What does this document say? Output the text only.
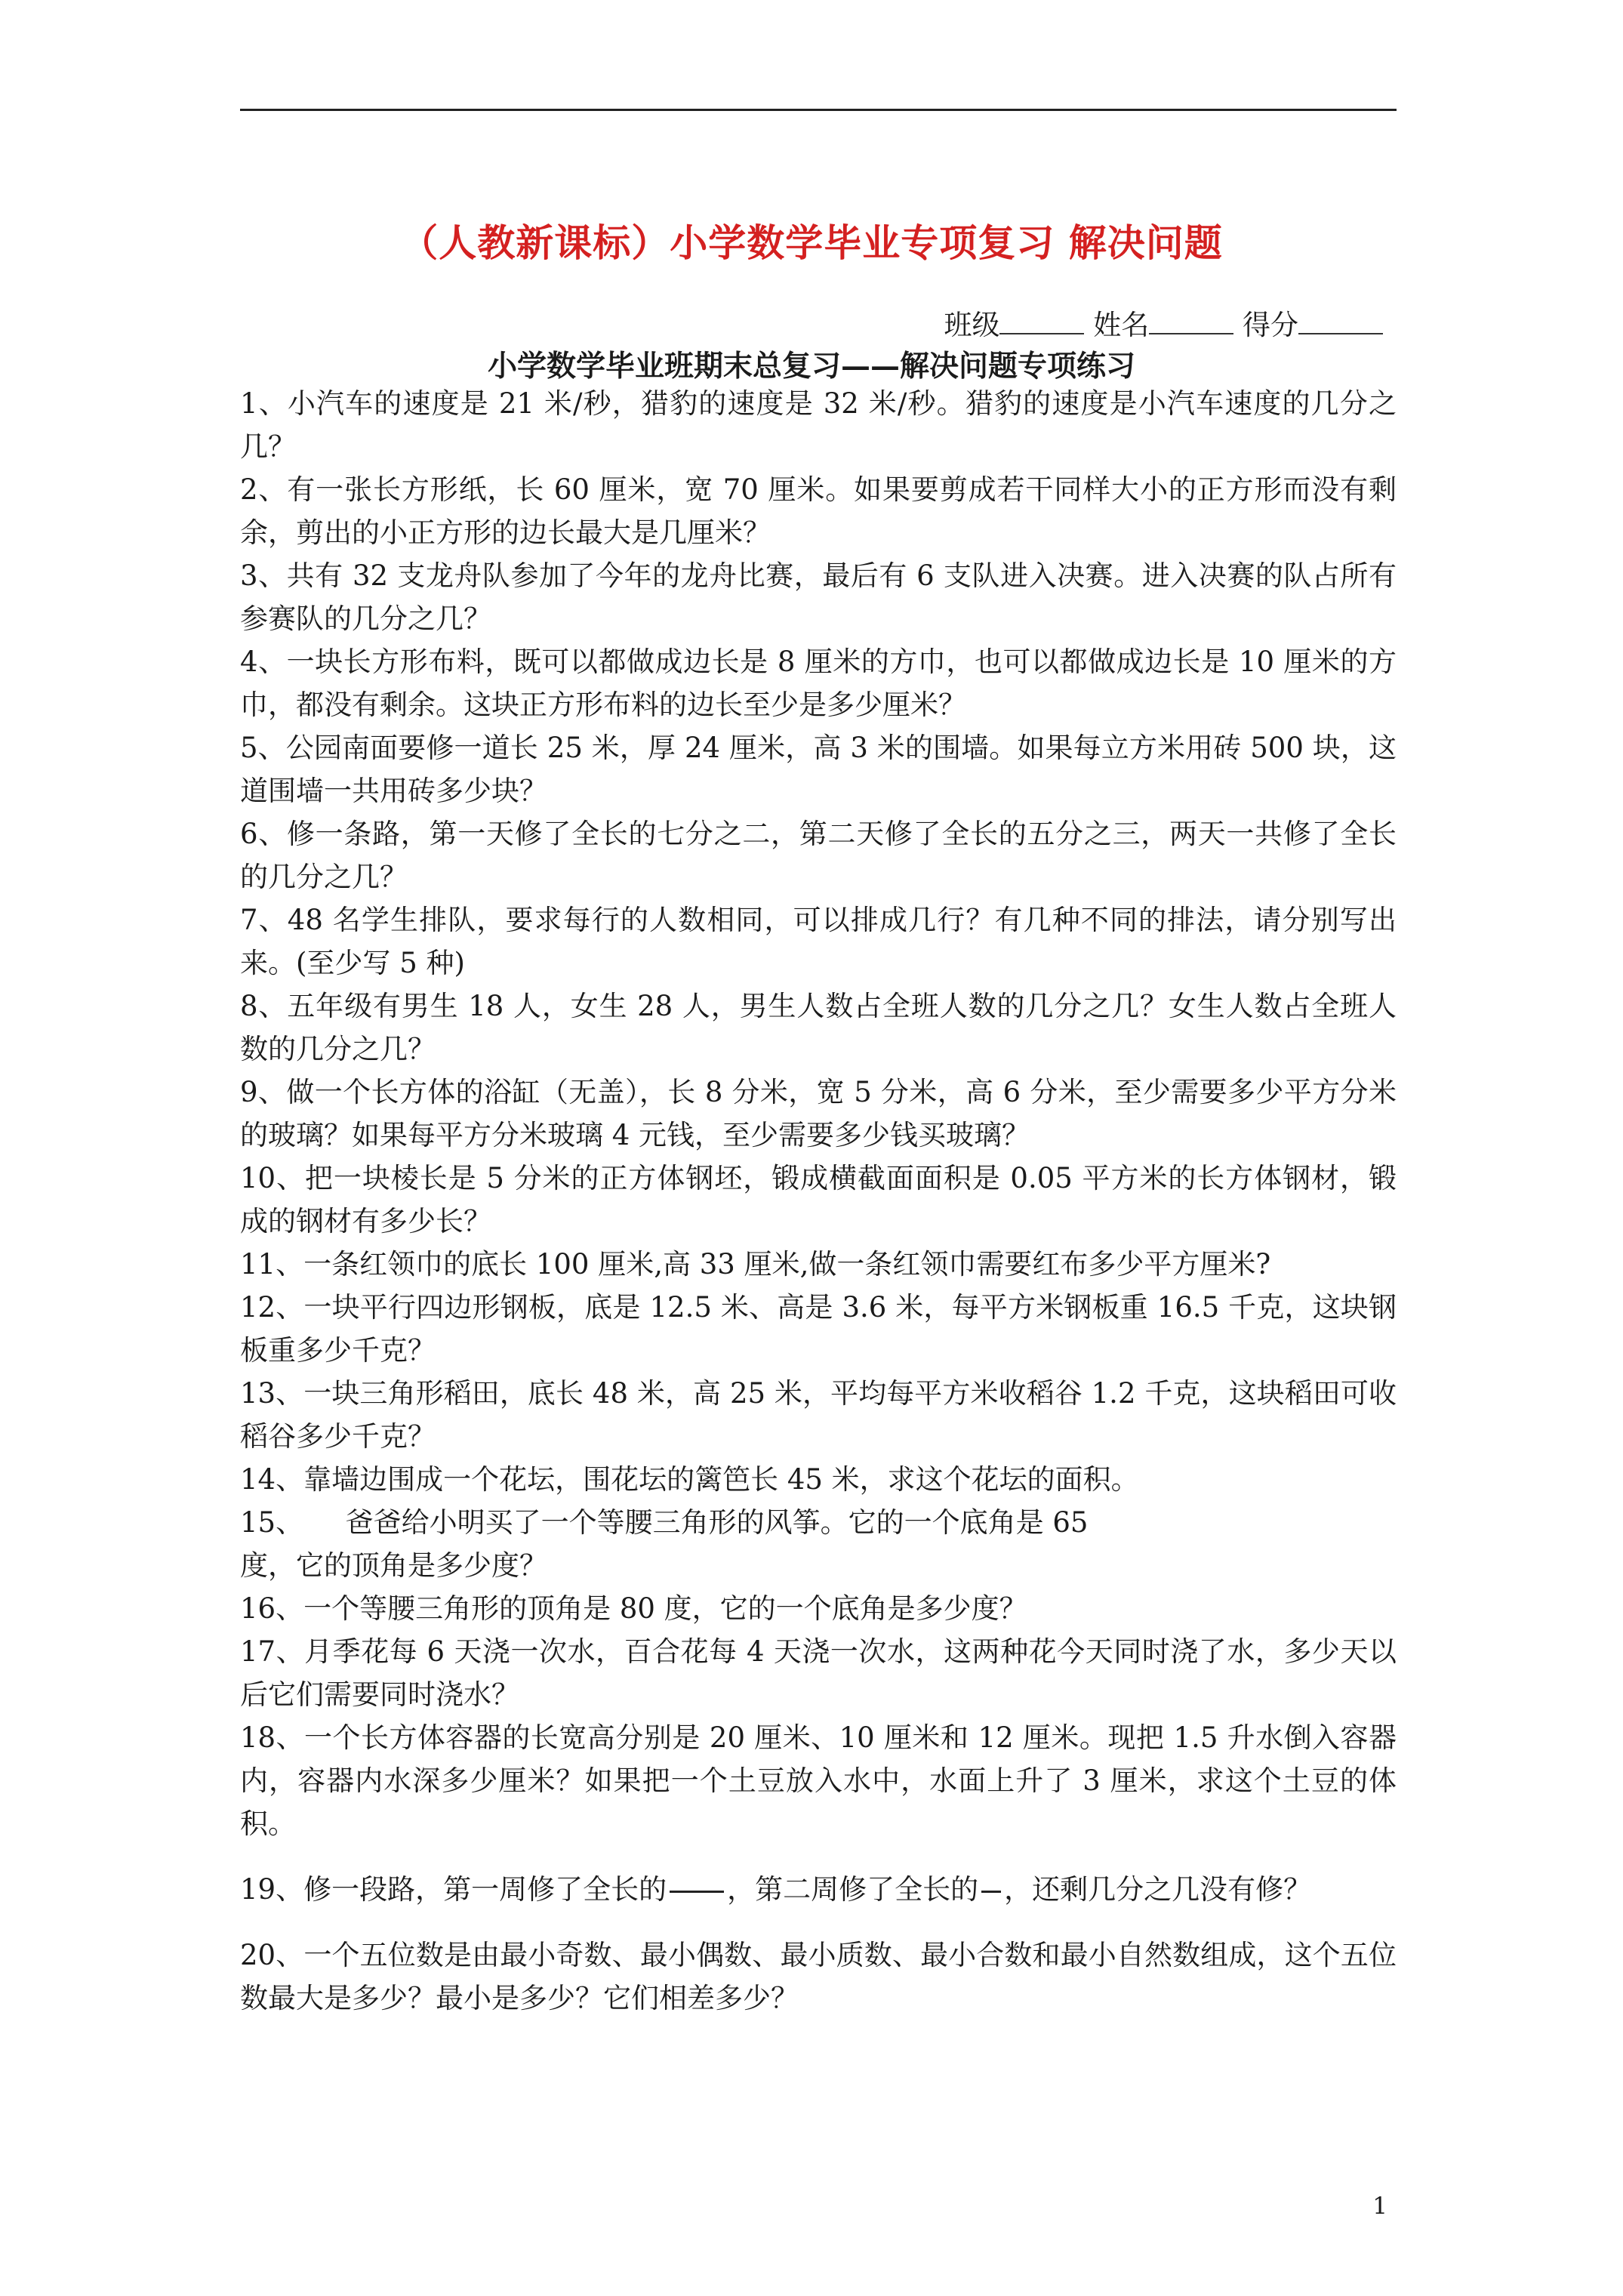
（人教新课标）小学数学毕业专项复习 解决问题
班级	姓名	得分
小学数学毕业班期末总复习——解决问题专项练习
1、小汽车的速度是 21 米/秒，猎豹的速度是 32 米/秒。猎豹的速度是小汽车速度的几分之几？
2、有一张长方形纸，长 60 厘米，宽 70 厘米。如果要剪成若干同样大小的正方形而没有剩余，剪出的小正方形的边长最大是几厘米？
3、共有 32 支龙舟队参加了今年的龙舟比赛，最后有 6 支队进入决赛。进入决赛的队占所有参赛队的几分之几？
4、一块长方形布料，既可以都做成边长是 8 厘米的方巾，也可以都做成边长是 10 厘米的方巾，都没有剩余。这块正方形布料的边长至少是多少厘米？
5、公园南面要修一道长 25 米，厚 24 厘米，高 3 米的围墙。如果每立方米用砖 500 块，这道围墙一共用砖多少块？
6、修一条路，第一天修了全长的七分之二，第二天修了全长的五分之三，两天一共修了全长的几分之几？
7、48 名学生排队，要求每行的人数相同，可以排成几行？有几种不同的排法，请分别写出来。(至少写 5 种)
8、五年级有男生 18 人，女生 28 人，男生人数占全班人数的几分之几？女生人数占全班人数的几分之几？
9、做一个长方体的浴缸（无盖），长 8 分米，宽 5 分米，高 6 分米，至少需要多少平方分米的玻璃？如果每平方分米玻璃 4 元钱，至少需要多少钱买玻璃？
10、把一块棱长是 5 分米的正方体钢坯，锻成横截面面积是 0.05 平方米的长方体钢材，锻成的钢材有多少长？
11、一条红领巾的底长 100 厘米,高 33 厘米,做一条红领巾需要红布多少平方厘米?
12、一块平行四边形钢板，底是 12.5 米、高是 3.6 米，每平方米钢板重 16.5 千克，这块钢板重多少千克？
13、一块三角形稻田，底长 48 米，高 25 米，平均每平方米收稻谷 1.2 千克，这块稻田可收稻谷多少千克？
14、靠墙边围成一个花坛，围花坛的篱笆长 45 米，求这个花坛的面积。
15、　　爸爸给小明买了一个等腰三角形的风筝。它的一个底角是 65
度，它的顶角是多少度？
16、一个等腰三角形的顶角是 80 度，它的一个底角是多少度？
17、月季花每 6 天浇一次水，百合花每 4 天浇一次水，这两种花今天同时浇了水，多少天以后它们需要同时浇水？
18、一个长方体容器的长宽高分别是 20 厘米、10 厘米和 12 厘米。现把 1.5 升水倒入容器内，容器内水深多少厘米？如果把一个土豆放入水中，水面上升了 3 厘米，求这个土豆的体积。
19、修一段路，第一周修了全长的 ，第二周修了全长的 ，还剩几分之几没有修？
20、一个五位数是由最小奇数、最小偶数、最小质数、最小合数和最小自然数组成，这个五位数最大是多少？最小是多少？它们相差多少？
1
